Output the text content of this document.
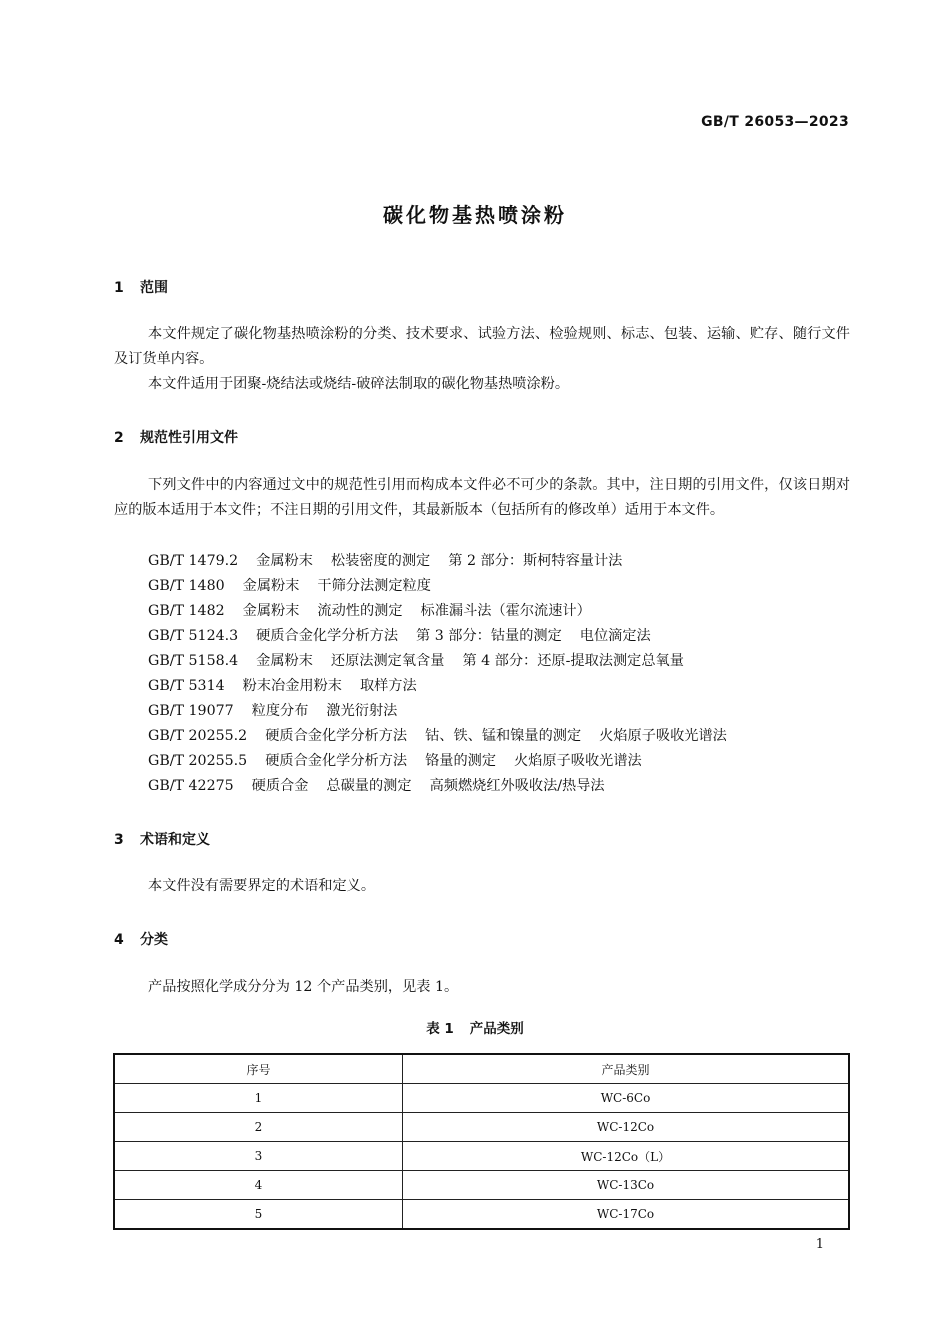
GB/T 26053—2023
碳化物基热喷涂粉
1 范围
本文件规定了碳化物基热喷涂粉的分类、技术要求、试验方法、检验规则、标志、包装、运输、贮存、随行文件及订货单内容。
本文件适用于团聚-烧结法或烧结-破碎法制取的碳化物基热喷涂粉。
2 规范性引用文件
下列文件中的内容通过文中的规范性引用而构成本文件必不可少的条款。其中，注日期的引用文件，仅该日期对应的版本适用于本文件；不注日期的引用文件，其最新版本（包括所有的修改单）适用于本文件。
GB/T 1479.2 金属粉末 松装密度的测定 第 2 部分：斯柯特容量计法
GB/T 1480 金属粉末 干筛分法测定粒度
GB/T 1482 金属粉末 流动性的测定 标准漏斗法（霍尔流速计）
GB/T 5124.3 硬质合金化学分析方法 第 3 部分：钴量的测定 电位滴定法
GB/T 5158.4 金属粉末 还原法测定氧含量 第 4 部分：还原-提取法测定总氧量
GB/T 5314 粉末冶金用粉末 取样方法
GB/T 19077 粒度分布 激光衍射法
GB/T 20255.2 硬质合金化学分析方法 钴、铁、锰和镍量的测定 火焰原子吸收光谱法
GB/T 20255.5 硬质合金化学分析方法 铬量的测定 火焰原子吸收光谱法
GB/T 42275 硬质合金 总碳量的测定 高频燃烧红外吸收法/热导法
3 术语和定义
本文件没有需要界定的术语和定义。
4 分类
产品按照化学成分分为 12 个产品类别，见表 1。
表 1 产品类别
序号	产品类别
1	WC-6Co
2	WC-12Co
3	WC-12Co（L）
4	WC-13Co
5	WC-17Co
1
